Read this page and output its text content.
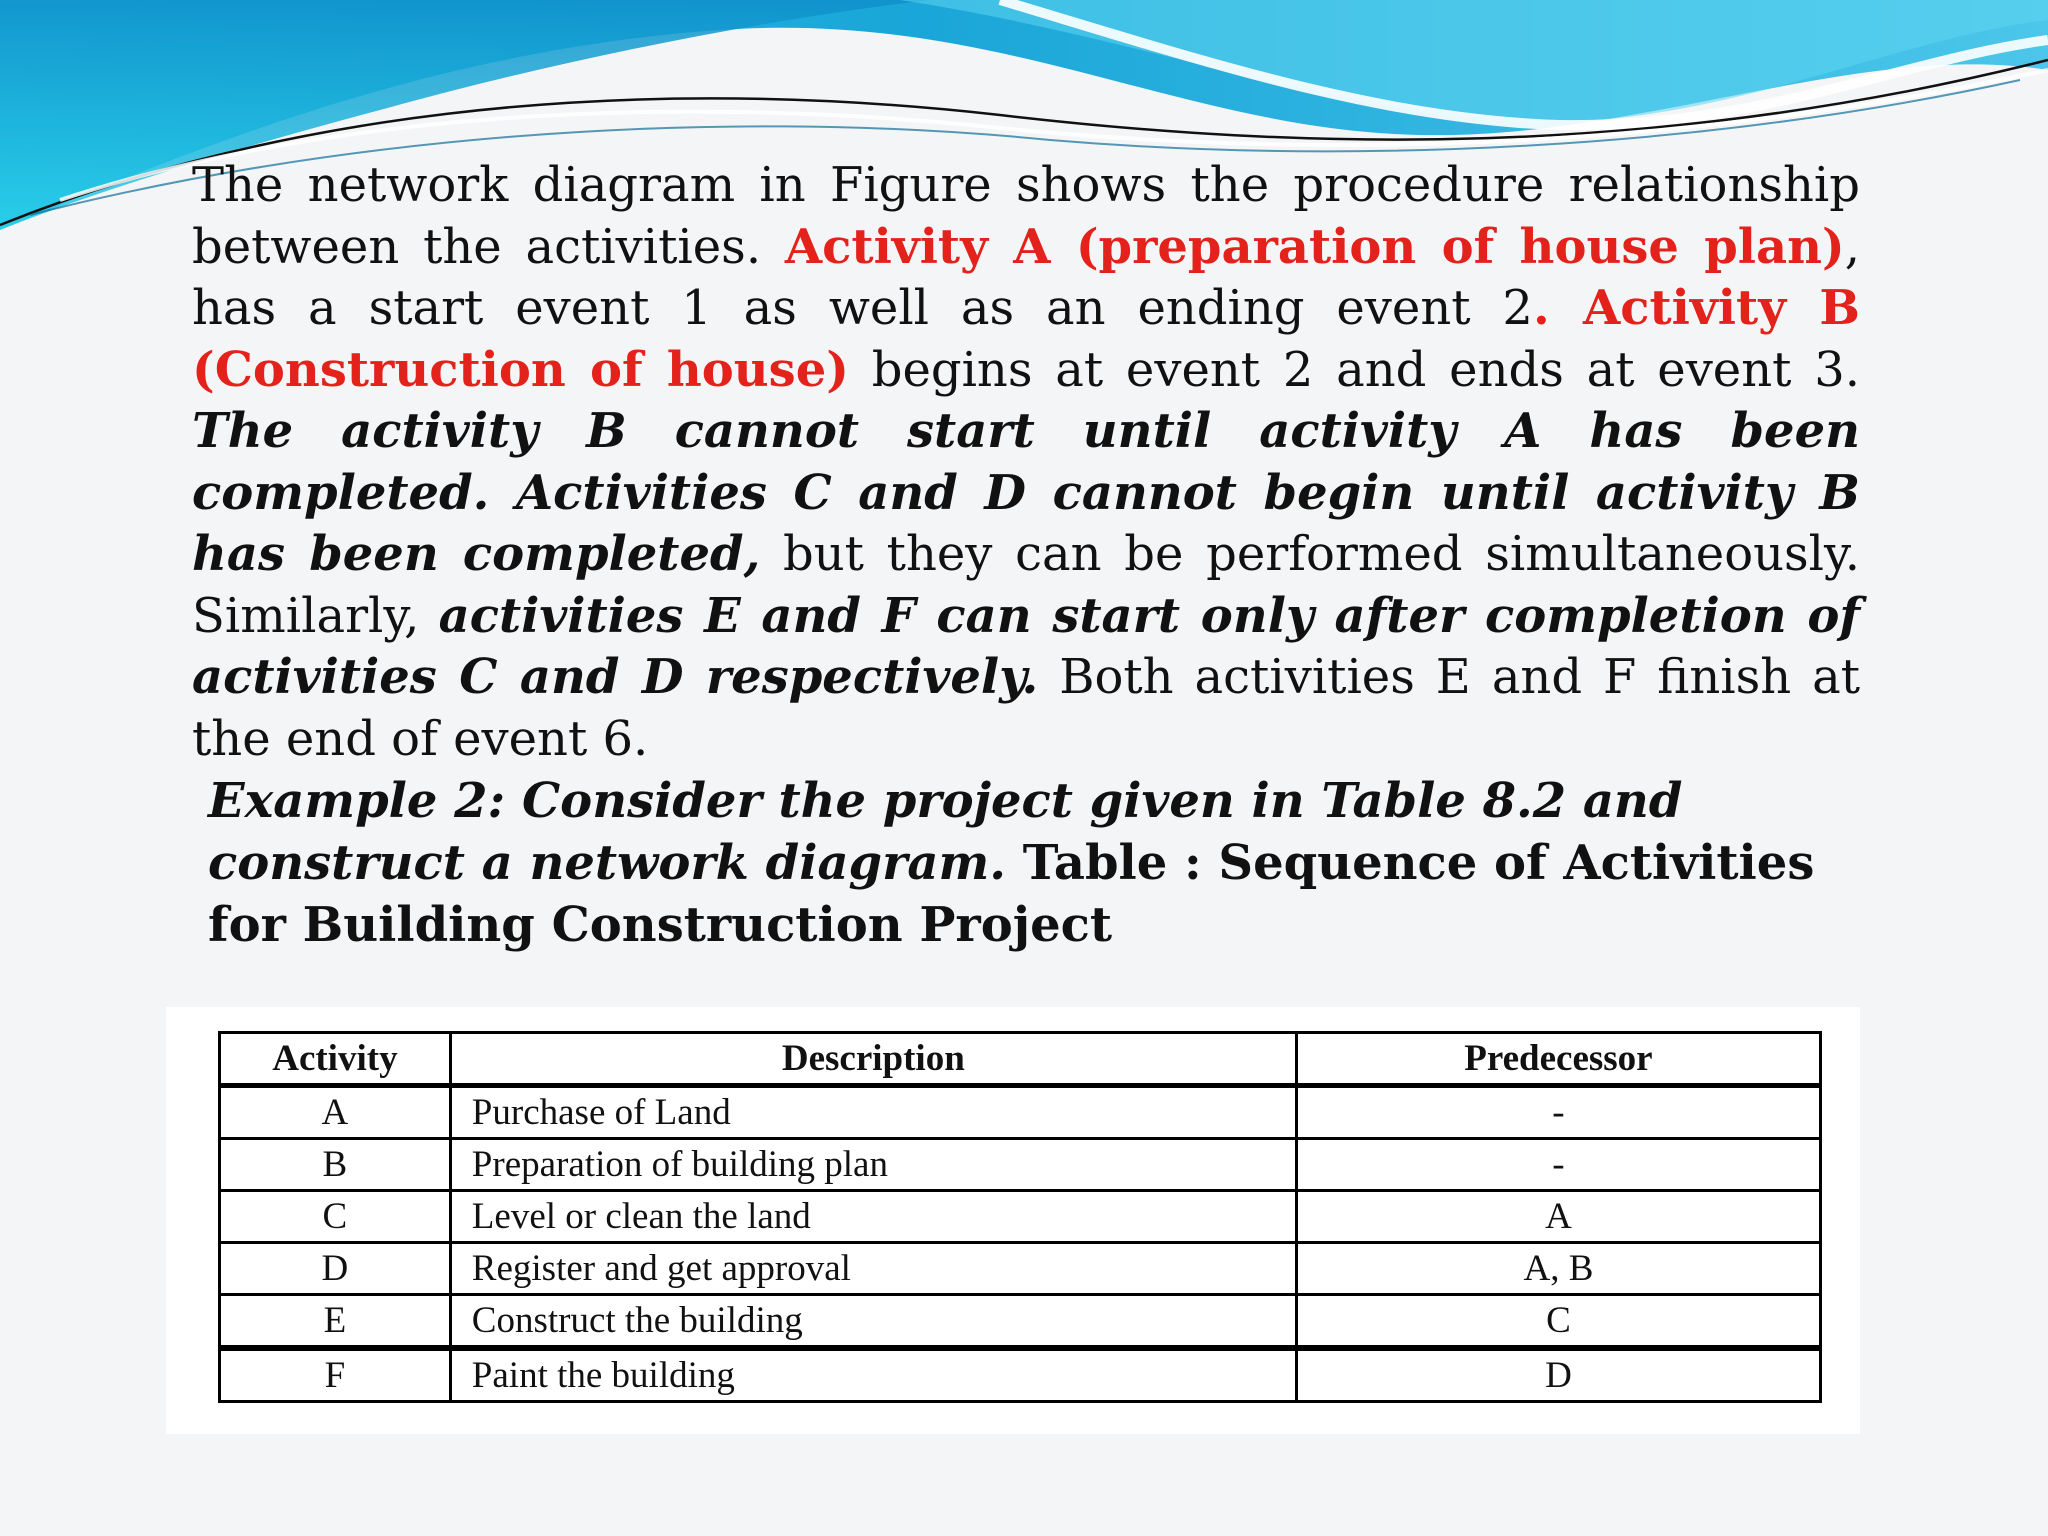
The network diagram in Figure shows the procedure relationship between the activities. Activity A (preparation of house plan), has a start event 1 as well as an ending event 2. Activity B (Construction of house) begins at event 2 and ends at event 3. The activity B cannot start until activity A has been completed. Activities C and D cannot begin until activity B has been completed, but they can be performed simultaneously. Similarly, activities E and F can start only after completion of activities C and D respectively. Both activities E and F finish at the end of event 6.

Example 2: Consider the project given in Table 8.2 and construct a network diagram. Table : Sequence of Activities for Building Construction Project

Activity	Description	Predecessor
A	Purchase of Land	-
B	Preparation of building plan	-
C	Level or clean the land	A
D	Register and get approval	A, B
E	Construct the building	C
F	Paint the building	D
